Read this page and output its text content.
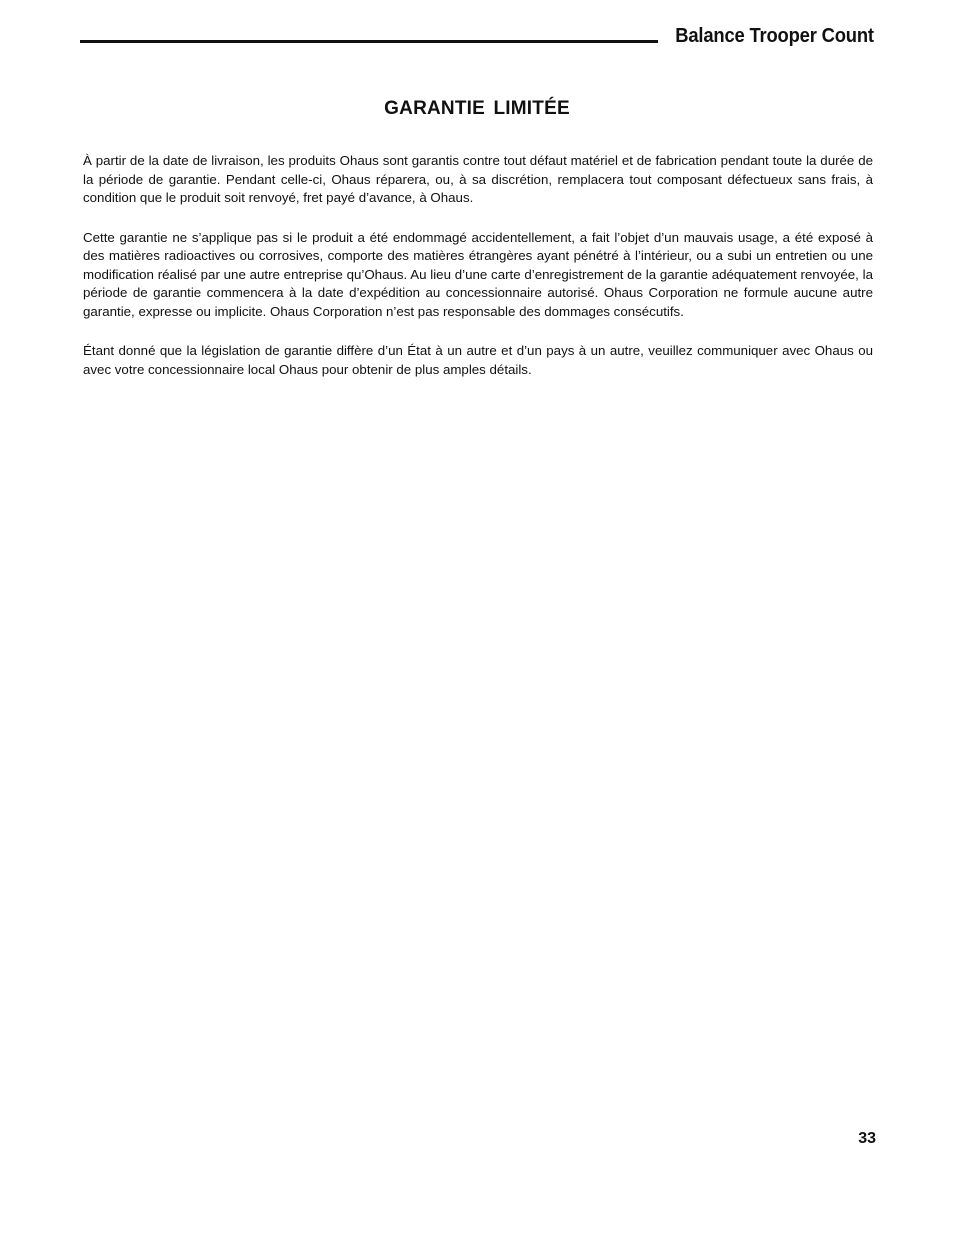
Balance Trooper Count
GARANTIE LIMITÉE

À partir de la date de livraison, les produits Ohaus sont garantis contre tout défaut matériel et de fabrication pendant toute la durée de la période de garantie. Pendant celle-ci, Ohaus réparera, ou, à sa discrétion, remplacera tout composant défectueux sans frais, à condition que le produit soit renvoyé, fret payé d’avance, à Ohaus.

Cette garantie ne s’applique pas si le produit a été endommagé accidentellement, a fait l’objet d’un mauvais usage, a été exposé à des matières radioactives ou corrosives, comporte des matières étrangères ayant pénétré à l’intérieur, ou a subi un entretien ou une modification réalisé par une autre entreprise qu’Ohaus. Au lieu d’une carte d’enregistrement de la garantie adéquatement renvoyée, la période de garantie commencera à la date d’expédition au concessionnaire autorisé. Ohaus Corporation ne formule aucune autre garantie, expresse ou implicite. Ohaus Corporation n’est pas responsable des dommages consécutifs.

Étant donné que la législation de garantie diffère d’un État à un autre et d’un pays à un autre, veuillez communiquer avec Ohaus ou avec votre concessionnaire local Ohaus pour obtenir de plus amples détails.

33
